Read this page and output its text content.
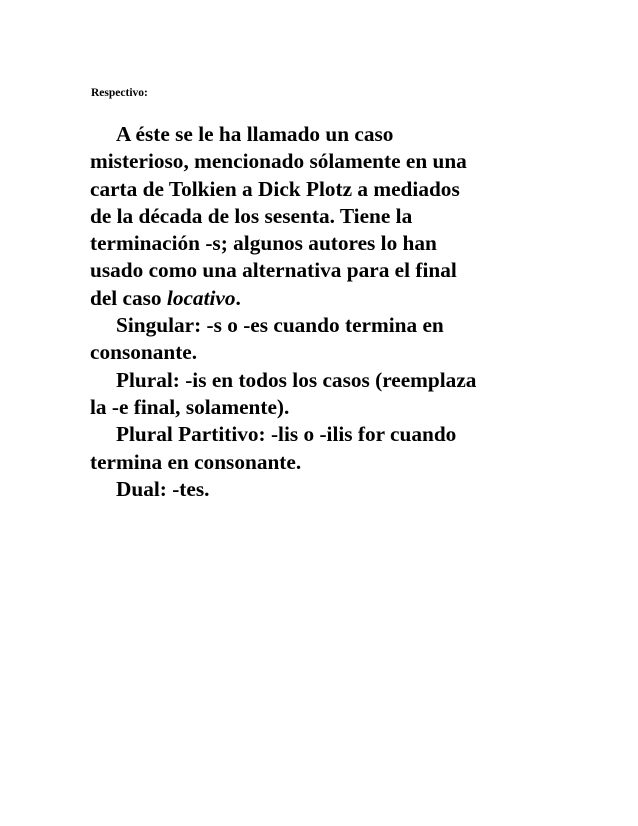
Respectivo:
A éste se le ha llamado un caso
misterioso, mencionado sólamente en una
carta de Tolkien a Dick Plotz a mediados
de la década de los sesenta. Tiene la
terminación -s; algunos autores lo han
usado como una alternativa para el final
del caso locativo.
Singular: -s o -es cuando termina en
consonante.
Plural: -is en todos los casos (reemplaza
la -e final, solamente).
Plural Partitivo: -lis o -ilis for cuando
termina en consonante.
Dual: -tes.
